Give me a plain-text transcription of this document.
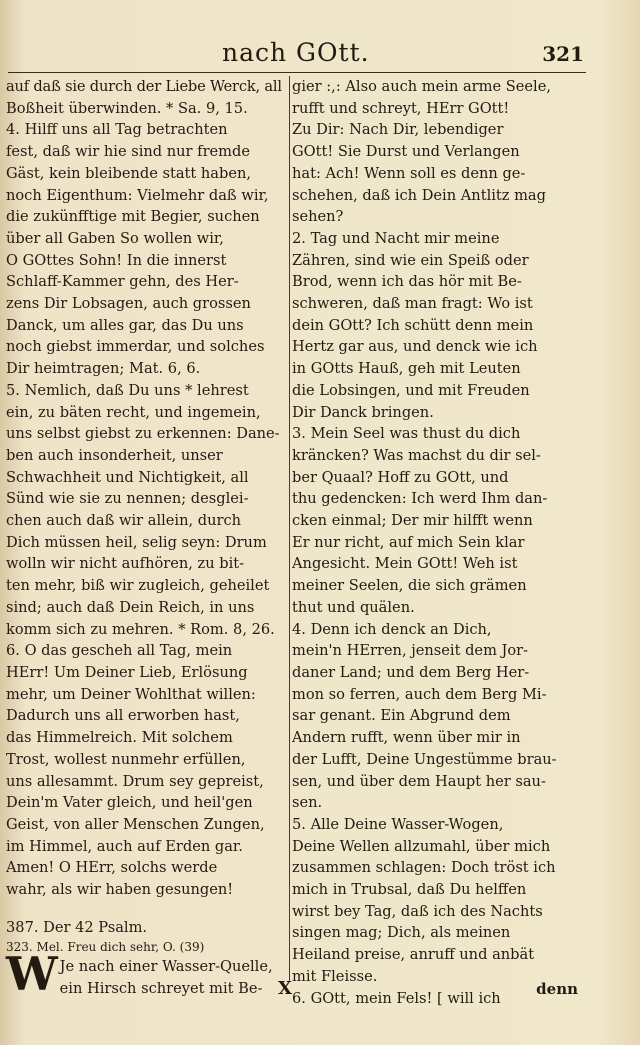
nach GOtt.	321
auf daß sie durch der Liebe Werck, all
Boßheit überwinden. * Sa. 9, 15.
4. Hilff uns all Tag betrachten
fest, daß wir hie sind nur fremde
Gäst, kein bleibende statt haben,
noch Eigenthum: Vielmehr daß wir,
die zukünfftige mit Begier, suchen
über all Gaben So wollen wir,
O GOttes Sohn! In die innerst
Schlaff-Kammer gehn, des Her-
zens Dir Lobsagen, auch grossen
Danck, um alles gar, das Du uns
noch giebst immerdar, und solches
Dir heimtragen; Mat. 6, 6.
5. Nemlich, daß Du uns * lehrest
ein, zu bäten recht, und ingemein,
uns selbst giebst zu erkennen: Dane-
ben auch insonderheit, unser
Schwachheit und Nichtigkeit, all
Sünd wie sie zu nennen; desglei-
chen auch daß wir allein, durch
Dich müssen heil, selig seyn: Drum
wolln wir nicht aufhören, zu bit-
ten mehr, biß wir zugleich, geheilet
sind; auch daß Dein Reich, in uns
komm sich zu mehren. * Rom. 8, 26.
6. O das gescheh all Tag, mein
HErr! Um Deiner Lieb, Erlösung
mehr, um Deiner Wohlthat willen:
Dadurch uns all erworben hast,
das Himmelreich. Mit solchem
Trost, wollest nunmehr erfüllen,
uns allesammt. Drum sey gepreist,
Dein'm Vater gleich, und heil'gen
Geist, von aller Menschen Zungen,
im Himmel, auch auf Erden gar.
Amen! O HErr, solchs werde
wahr, als wir haben gesungen!
387. Der 42 Psalm.
323. Mel. Freu dich sehr, O. (39)
W Je nach einer Wasser-Quelle,
ein Hirsch schreyet mit Be-
gier :,: Also auch mein arme Seele,
rufft und schreyt, HErr GOtt!
Zu Dir: Nach Dir, lebendiger
GOtt! Sie Durst und Verlangen
hat: Ach! Wenn soll es denn ge-
schehen, daß ich Dein Antlitz mag
sehen?
2. Tag und Nacht mir meine
Zähren, sind wie ein Speiß oder
Brod, wenn ich das hör mit Be-
schweren, daß man fragt: Wo ist
dein GOtt? Ich schütt denn mein
Hertz gar aus, und denck wie ich
in GOtts Hauß, geh mit Leuten
die Lobsingen, und mit Freuden
Dir Danck bringen.
3. Mein Seel was thust du dich
kräncken? Was machst du dir sel-
ber Quaal? Hoff zu GOtt, und
thu gedencken: Ich werd Ihm dan-
cken einmal; Der mir hilfft wenn
Er nur richt, auf mich Sein klar
Angesicht. Mein GOtt! Weh ist
meiner Seelen, die sich grämen
thut und quälen.
4. Denn ich denck an Dich,
mein'n HErren, jenseit dem Jor-
daner Land; und dem Berg Her-
mon so ferren, auch dem Berg Mi-
sar genant. Ein Abgrund dem
Andern rufft, wenn über mir in
der Lufft, Deine Ungestümme brau-
sen, und über dem Haupt her sau-
sen.
5. Alle Deine Wasser-Wogen,
Deine Wellen allzumahl, über mich
zusammen schlagen: Doch tröst ich
mich in Trubsal, daß Du helffen
wirst bey Tag, daß ich des Nachts
singen mag; Dich, als meinen
Heiland preise, anruff und anbät
mit Fleisse.
6. GOtt, mein Fels! [ will ich
X	denn
